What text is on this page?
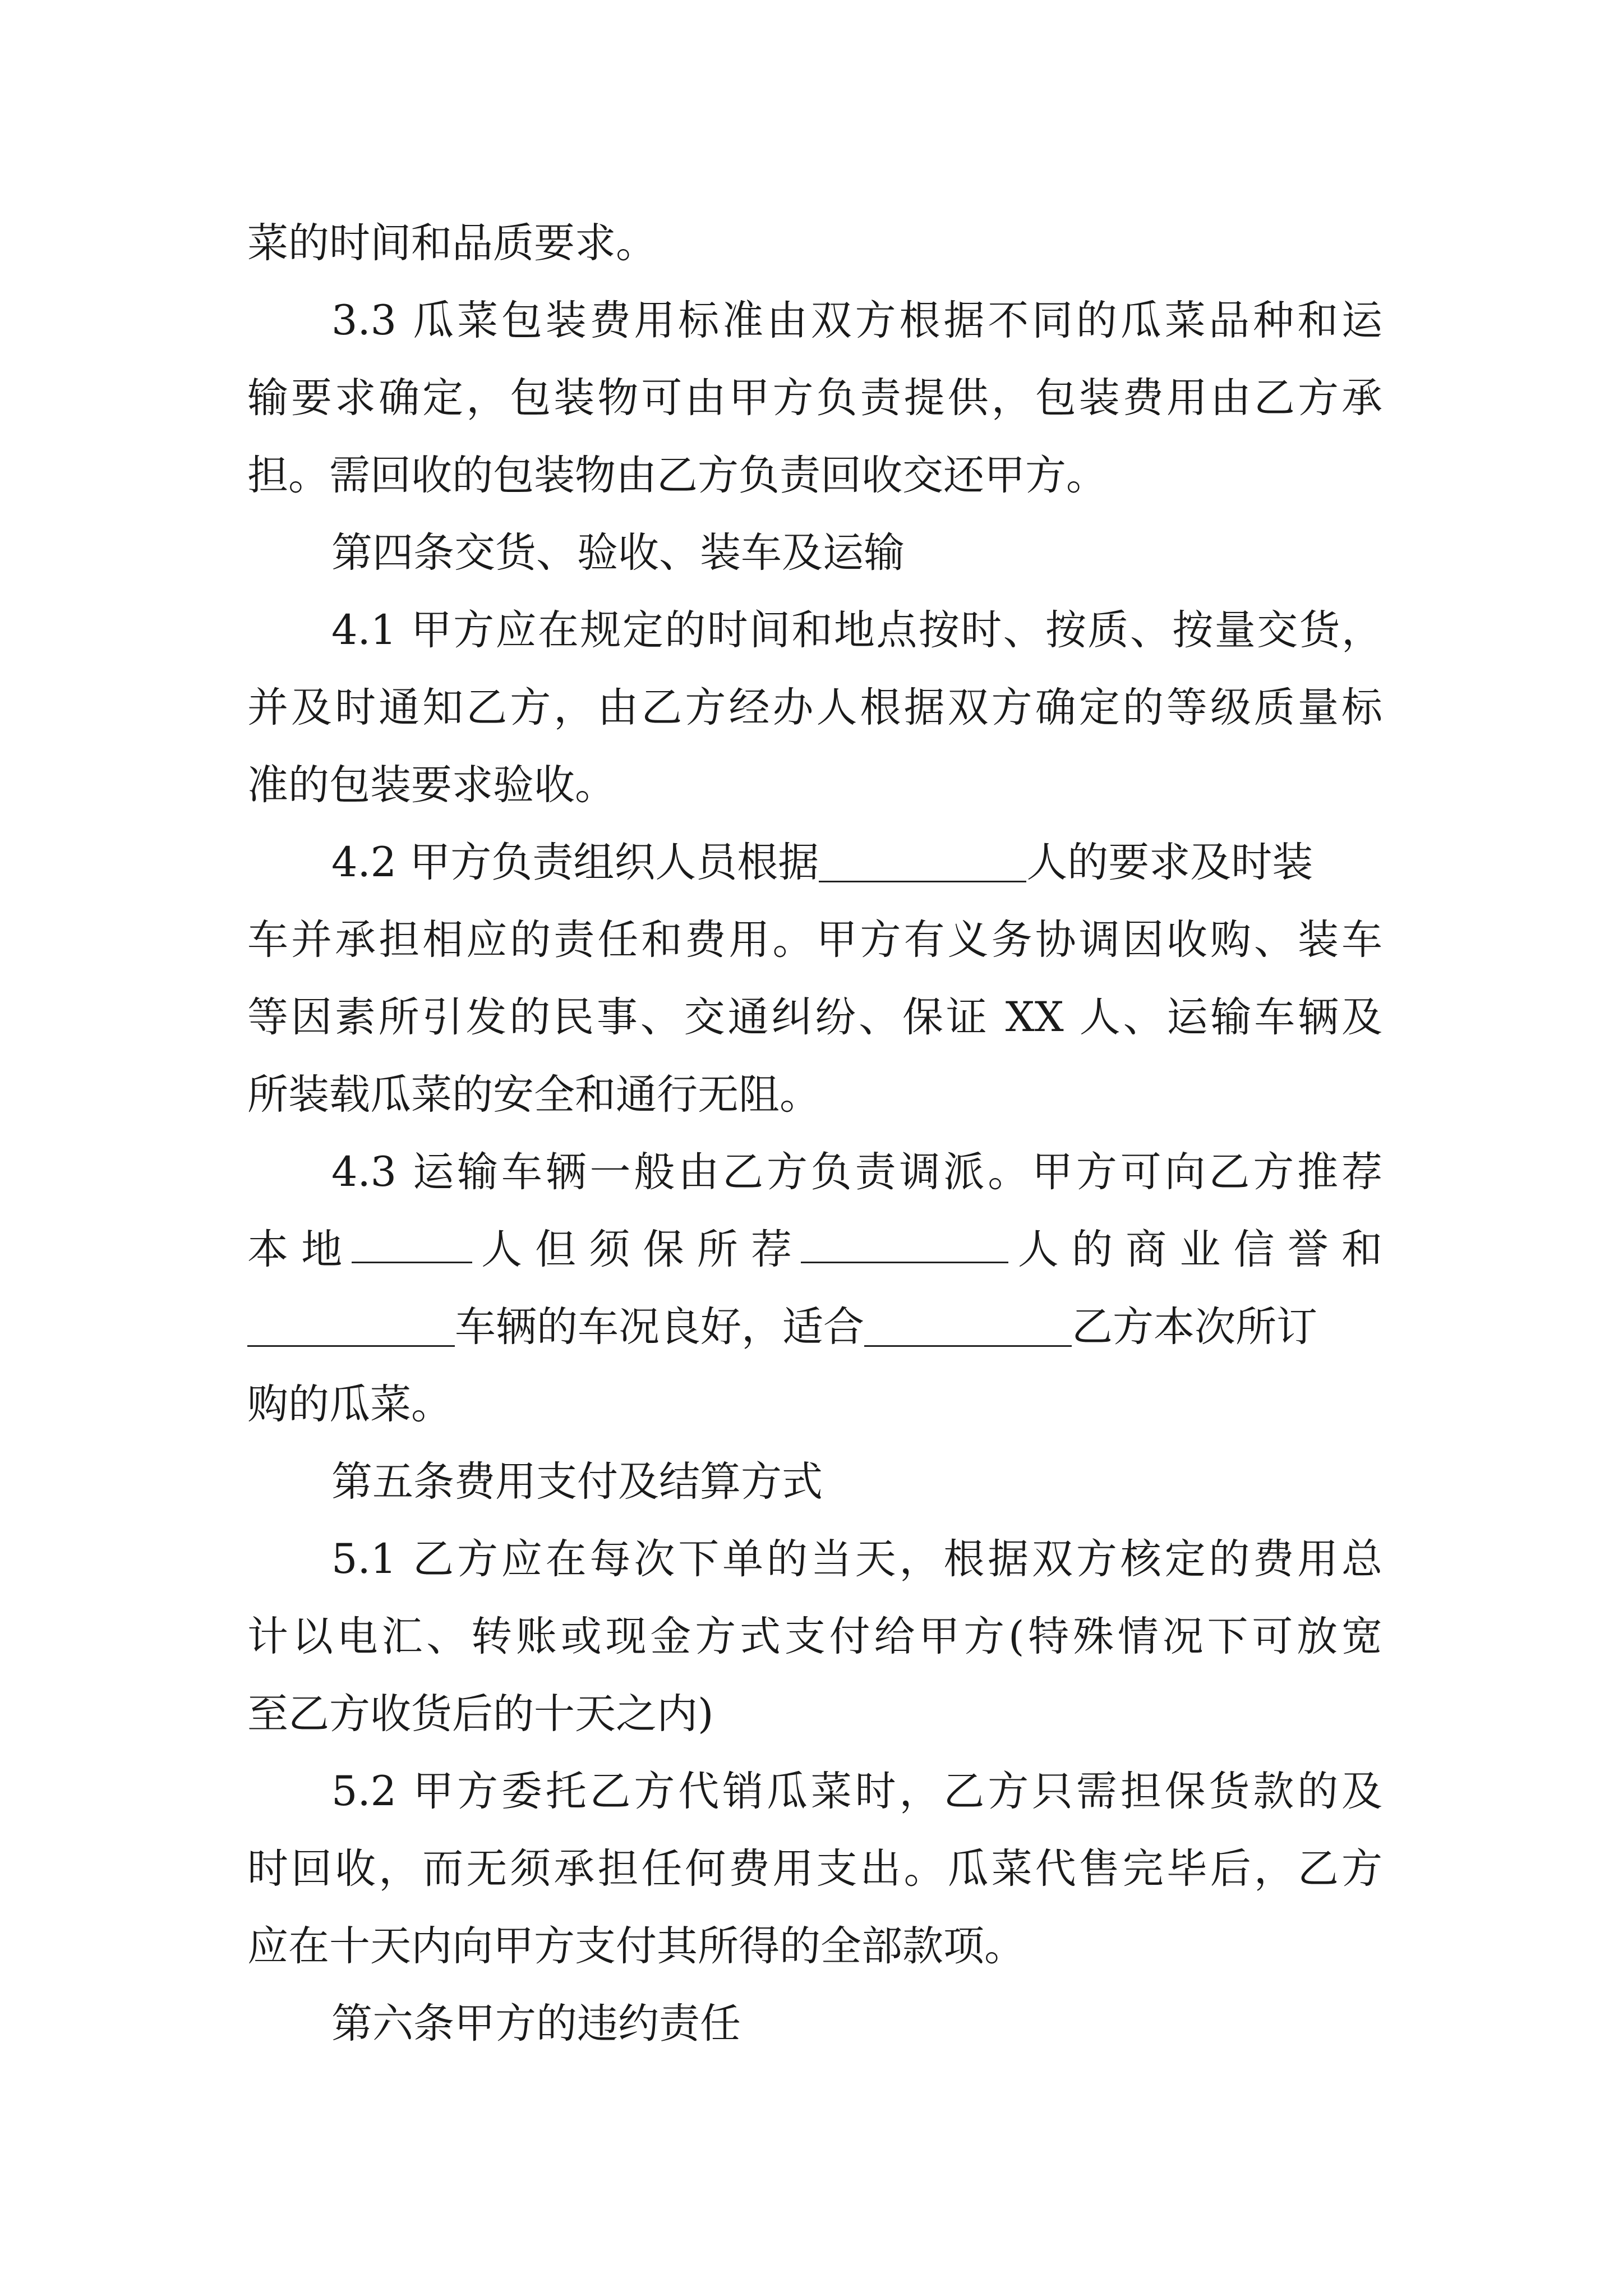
菜的时间和品质要求。

3.3 瓜菜包装费用标准由双方根据不同的瓜菜品种和运
输要求确定，包装物可由甲方负责提供，包装费用由乙方承
担。需回收的包装物由乙方负责回收交还甲方。

第四条交货、验收、装车及运输

4.1 甲方应在规定的时间和地点按时、按质、按量交货，
并及时通知乙方，由乙方经办人根据双方确定的等级质量标
准的包装要求验收。

4.2 甲方负责组织人员根据	人的要求及时装
车并承担相应的责任和费用。甲方有义务协调因收购、装车
等因素所引发的民事、交通纠纷、保证 XX 人、运输车辆及
所装载瓜菜的安全和通行无阻。

4.3 运输车辆一般由乙方负责调派。甲方可向乙方推荐
本 地	人 但 须 保 所 荐	人 的 商 业 信 誉 和
车辆的车况良好，适合	乙方本次所订
购的瓜菜。

第五条费用支付及结算方式

5.1 乙方应在每次下单的当天，根据双方核定的费用总
计以电汇、转账或现金方式支付给甲方(特殊情况下可放宽
至乙方收货后的十天之内)

5.2 甲方委托乙方代销瓜菜时，乙方只需担保货款的及
时回收，而无须承担任何费用支出。瓜菜代售完毕后，乙方
应在十天内向甲方支付其所得的全部款项。

第六条甲方的违约责任
